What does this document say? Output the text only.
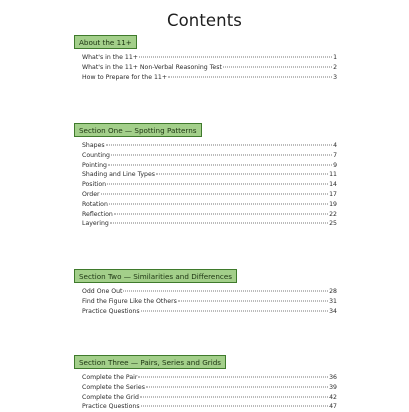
Contents
About the 11+
What's in the 11+	1
What's in the 11+ Non-Verbal Reasoning Test	2
How to Prepare for the 11+	3
Section One — Spotting Patterns
Shapes	4
Counting	7
Pointing	9
Shading and Line Types	11
Position	14
Order	17
Rotation	19
Reflection	22
Layering	25
Section Two — Similarities and Differences
Odd One Out	28
Find the Figure Like the Others	31
Practice Questions	34
Section Three — Pairs, Series and Grids
Complete the Pair	36
Complete the Series	39
Complete the Grid	42
Practice Questions	47
